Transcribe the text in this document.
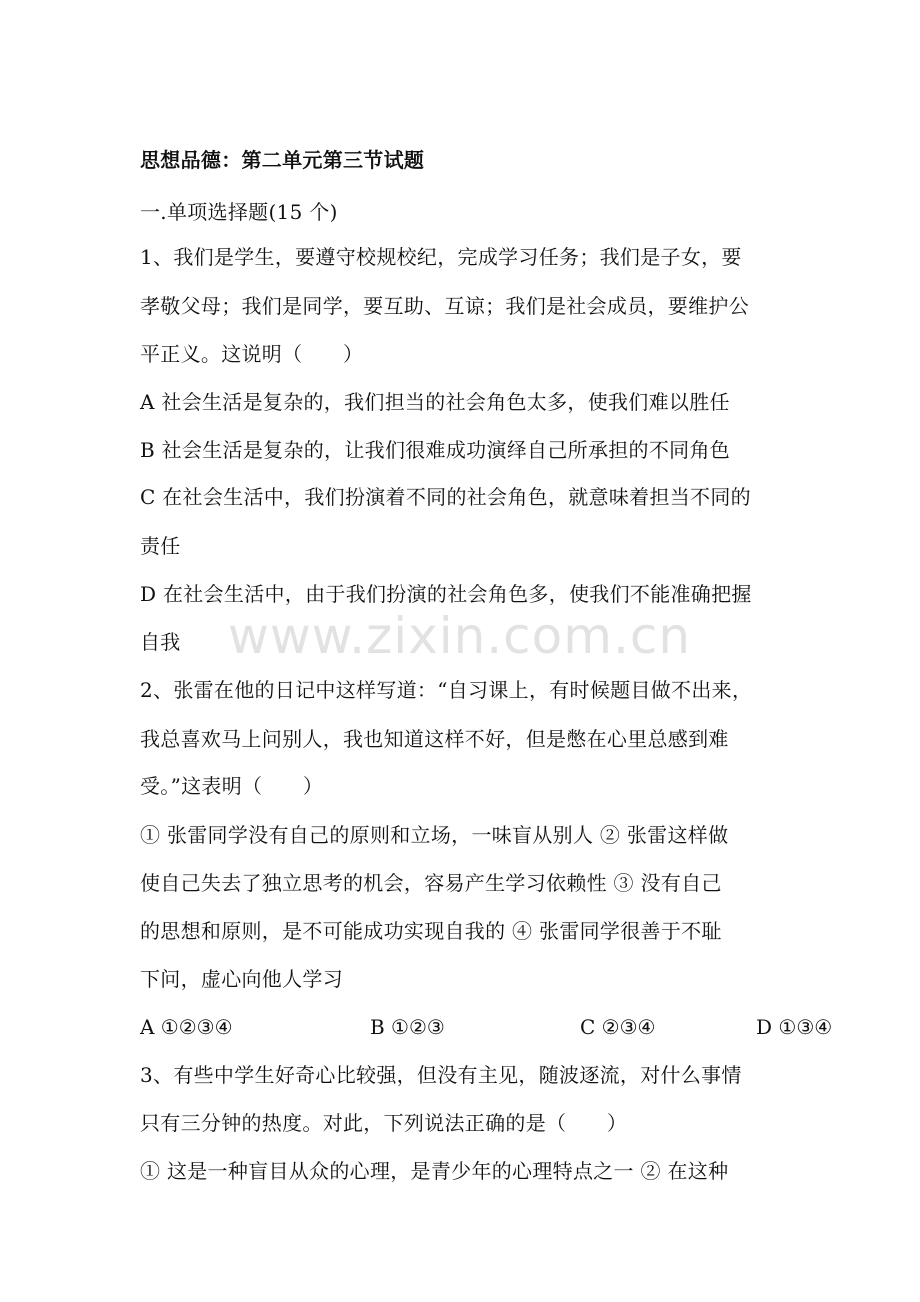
思想品德：第二单元第三节试题
一.单项选择题(15 个)
1、我们是学生，要遵守校规校纪，完成学习任务；我们是子女，要
孝敬父母；我们是同学，要互助、互谅；我们是社会成员，要维护公
平正义。这说明（　　）
A 社会生活是复杂的，我们担当的社会角色太多，使我们难以胜任
B 社会生活是复杂的，让我们很难成功演绎自己所承担的不同角色
C 在社会生活中，我们扮演着不同的社会角色，就意味着担当不同的
责任
D 在社会生活中，由于我们扮演的社会角色多，使我们不能准确把握
自我
2、张雷在他的日记中这样写道：“自习课上，有时候题目做不出来，
我总喜欢马上问别人，我也知道这样不好，但是憋在心里总感到难
受。”这表明（　　）
① 张雷同学没有自己的原则和立场，一味盲从别人 ② 张雷这样做
使自己失去了独立思考的机会，容易产生学习依赖性 ③ 没有自己
的思想和原则，是不可能成功实现自我的 ④ 张雷同学很善于不耻
下问，虚心向他人学习
A ①②③④	B ①②③	C ②③④	D ①③④
3、有些中学生好奇心比较强，但没有主见，随波逐流，对什么事情
只有三分钟的热度。对此，下列说法正确的是（　　）
① 这是一种盲目从众的心理，是青少年的心理特点之一 ② 在这种
www.zixin.com.cn
